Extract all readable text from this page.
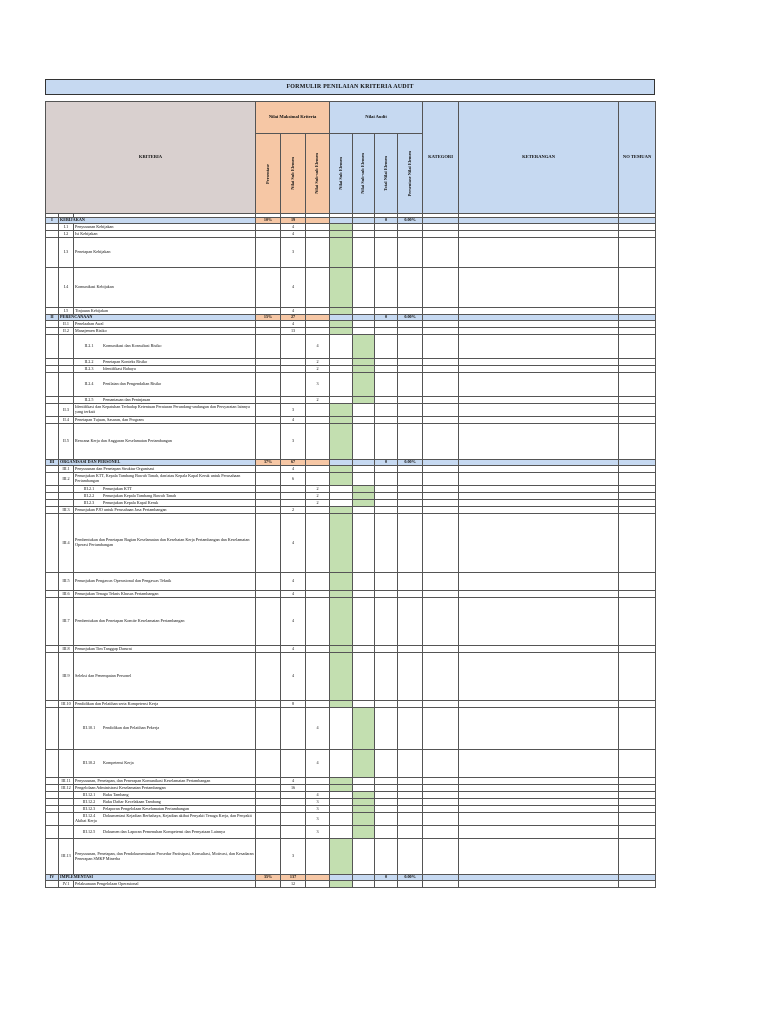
FORMULIR PENILAIAN KRITERIA AUDIT
KRITERIA			Nilai Maksimal Kriteria			Nilai Audit				KATEGORI	KETERANGAN	NO TEMUAN

			Persentase	Nilai Sub Elemen	Nilai Sub-sub Elemen	Nilai Sub Elemen	Nilai Sub-sub Elemen	Total Nilai Elemen	Persentase Nilai Elemen			

I	KEBIJAKAN		10%	19				0	0.00%			
	I.1	Penyusunan Kebijakan		4								
	I.2	Isi Kebijakan		4								
	I.3	Penetapan Kebijakan		3								
	I.4	Komunikasi Kebijakan		4								
	I.5	Tinjauan Kebijakan		4								
II	PERENCANAAN		15%	27				0	0.00%			
	II.1	Penelaahan Awal		4								
	II.2	Manajemen Risiko		13								
		II.2.1 Komunikasi dan Konsultasi Risiko			4							
		II.2.2 Penetapan Konteks Risiko			2							
		II.2.3 Identifikasi Bahaya			2							
		II.2.4 Penilaian dan Pengendalian Risiko			3							
		II.2.5 Pemantauan dan Peninjauan			2							
	II.3	Identifikasi dan Kepatuhan Terhadap Ketentuan Peraturan Perundang-undangan dan Persyaratan lainnya yang terkait		3								
	II.4	Penetapan Tujuan, Sasaran, dan Program		4								
	II.5	Rencana Kerja dan Anggaran Keselamatan Pertambangan		3								
III	ORGANISASI DAN PERSONEL		37%	67				0	0.00%			
	III.1	Penyusunan dan Penetapan Struktur Organisasi		4								
	III.2	Penunjukan KTT, Kepala Tambang Bawah Tanah, dan/atau Kepala Kapal Keruk untuk Perusahaan Pertambangan		6								
		III.2.1 Penunjukan KTT			2							
		III.2.2 Penunjukan Kepala Tambang Bawah Tanah			2							
		III.2.3 Penunjukan Kepala Kapal Keruk			2							
	III.3	Penunjukan PJO untuk Perusahaan Jasa Pertambangan		2								
	III.4	Pembentukan dan Penetapan Bagian Keselamatan dan Kesehatan Kerja Pertambangan dan Keselamatan Operasi Pertambangan		4								
	III.5	Penunjukan Pengawas Operasional dan Pengawas Teknik		4								
	III.6	Penunjukan Tenaga Teknis Khusus Pertambangan		4								
	III.7	Pembentukan dan Penetapan Komite Keselamatan Pertambangan		4								
	III.8	Penunjukan Tim Tanggap Darurat		4								
	III.9	Seleksi dan Penempatan Personel		4								
	III.10	Pendidikan dan Pelatihan serta Kompetensi Kerja		8								
		III.10.1 Pendidikan dan Pelatihan Pekerja			4							
		III.10.2 Kompetensi Kerja			4							
	III.11	Penyusunan, Penetapan, dan Penerapan Komunikasi Keselamatan Pertambangan		4								
	III.12	Pengelolaan Administrasi Keselamatan Pertambangan		16								
		III.12.1 Buku Tambang			4							
		III.12.2 Buku Daftar Kecelakaan Tambang			3							
		III.12.3 Pelaporan Pengelolaan Keselamatan Pertambangan			3							
		III.12.4 Dokumentasi Kejadian Berbahaya, Kejadian akibat Penyakit Tenaga Kerja, dan Penyakit Akibat Kerja			3							
		III.12.5 Dokumen dan Laporan Pemenuhan Kompetensi dan Pernyataan Lainnya			3							
	III.13	Penyusunan, Penetapan, dan Pendokumentasian Prosedur Partisipasi, Konsultasi, Motivasi, dan Kesadaran Penerapan SMKP Minerba		3								
IV	IMPLEMENTASI		35%	137				0	0.00%			
	IV.1	Pelaksanaan Pengelolaan Operasional		12								
